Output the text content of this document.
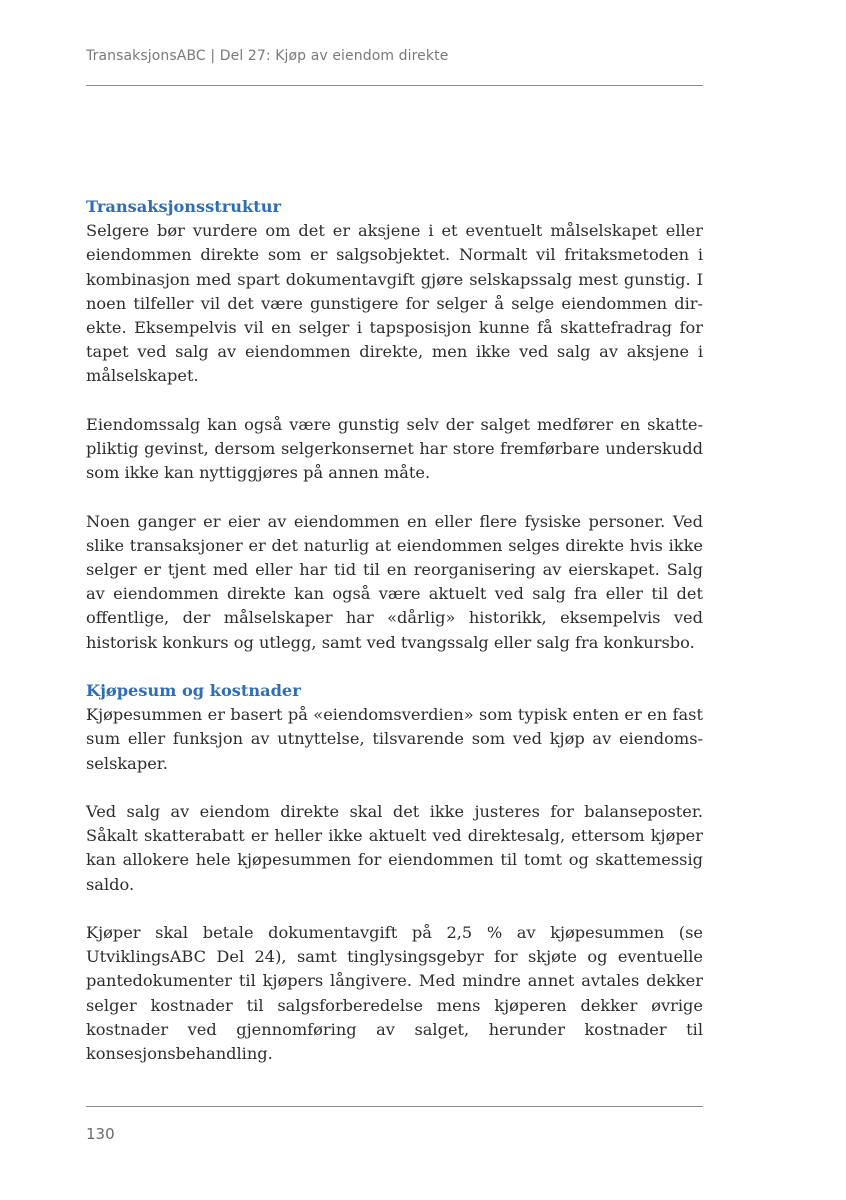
TransaksjonsABC | Del 27: Kjøp av eiendom direkte
Transaksjonsstruktur

Selgere bør vurdere om det er aksjene i et eventuelt målselskapet eller eiendommen direkte som er salgsobjektet. Normalt vil fritaksmetoden i kombinasjon med spart dokumentavgift gjøre selskapssalg mest gunstig. I noen tilfeller vil det være gunstigere for selger å selge eiendommen direkte. Eksempelvis vil en selger i tapsposisjon kunne få skattefradrag for tapet ved salg av eiendommen direkte, men ikke ved salg av aksjene i målselskapet.

Eiendomssalg kan også være gunstig selv der salget medfører en skattepliktig gevinst, dersom selgerkonsernet har store fremførbare underskudd som ikke kan nyttiggjøres på annen måte.

Noen ganger er eier av eiendommen en eller flere fysiske personer. Ved slike transaksjoner er det naturlig at eiendommen selges direkte hvis ikke selger er tjent med eller har tid til en reorganisering av eierskapet. Salg av eiendommen direkte kan også være aktuelt ved salg fra eller til det offentlige, der målselskaper har «dårlig» historikk, eksempelvis ved historisk konkurs og utlegg, samt ved tvangssalg eller salg fra konkursbo.

Kjøpesum og kostnader

Kjøpesummen er basert på «eiendomsverdien» som typisk enten er en fast sum eller funksjon av utnyttelse, tilsvarende som ved kjøp av eiendomsselskaper.

Ved salg av eiendom direkte skal det ikke justeres for balanseposter. Såkalt skatterabatt er heller ikke aktuelt ved direktesalg, ettersom kjøper kan allokere hele kjøpesummen for eiendommen til tomt og skattemessig saldo.

Kjøper skal betale dokumentavgift på 2,5 % av kjøpesummen (se UtviklingsABC Del 24), samt tinglysingsgebyr for skjøte og eventuelle pantedokumenter til kjøpers långivere. Med mindre annet avtales dekker selger kostnader til salgsforberedelse mens kjøperen dekker øvrige kostnader ved gjennomføring av salget, herunder kostnader til konsesjonsbehandling.

130
